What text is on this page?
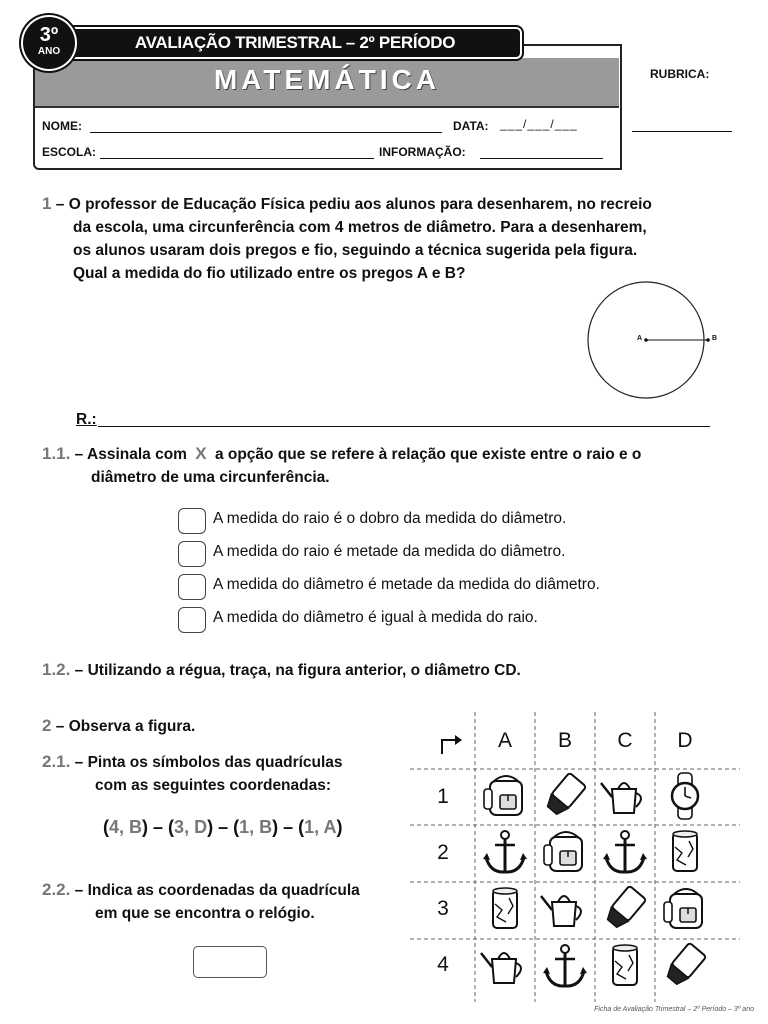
MATEMÁTICA	RUBRICA:
AVALIAÇÃO TRIMESTRAL – 2º PERÍODO
3º
ANO
NOME:	DATA: ___/___/___
ESCOLA:	INFORMAÇÃO:
1 – O professor de Educação Física pediu aos alunos para desenharem, no recreio
da escola, uma circunferência com 4 metros de diâmetro. Para a desenharem,
os alunos usaram dois pregos e fio, seguindo a técnica sugerida pela figura.
Qual a medida do fio utilizado entre os pregos A e B?
A	B
R.:
1.1. – Assinala com X a opção que se refere à relação que existe entre o raio e o
diâmetro de uma circunferência.
A medida do raio é o dobro da medida do diâmetro.
A medida do raio é metade da medida do diâmetro.
A medida do diâmetro é metade da medida do diâmetro.
A medida do diâmetro é igual à medida do raio.
1.2. – Utilizando a régua, traça, na figura anterior, o diâmetro CD.
2 – Observa a figura.
2.1. – Pinta os símbolos das quadrículas
com as seguintes coordenadas:
(4, B) – (3, D) – (1, B) – (1, A)
2.2. – Indica as coordenadas da quadrícula
em que se encontra o relógio.
A	B	C	D
1
2
3
4
Ficha de Avaliação Trimestral – 2º Período – 3º ano
